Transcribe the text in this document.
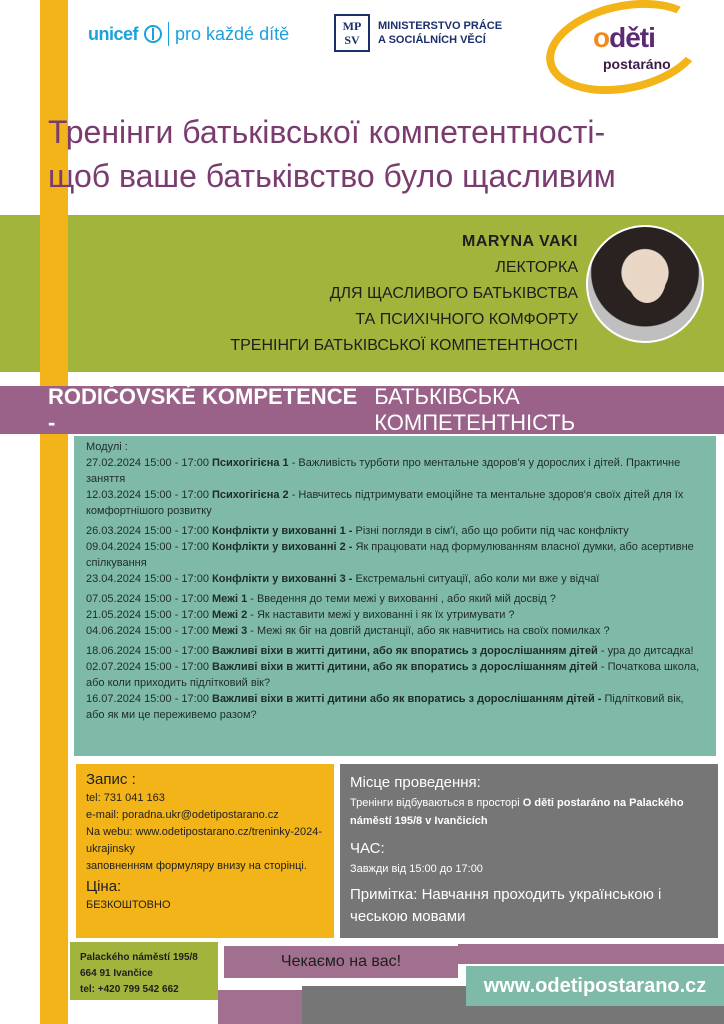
unicef pro každé dítě	MP
SV
MINISTERSTVO PRÁCE
A SOCIÁLNÍCH VĚCÍ	oděti
postaráno
Тренінги батьківської компетентності-
щоб ваше батьківство було щасливим
MARYNA VAKI
ЛЕКТОРКА
ДЛЯ ЩАСЛИВОГО БАТЬКІВСТВА
ТА ПСИХІЧНОГО КОМФОРТУ
ТРЕНІНГИ БАТЬКІВСЬКОЇ КОМПЕТЕНТНОСТІ
RODIČOVSKÉ KOMPETENCE -
БАТЬКІВСЬКА КОМПЕТЕНТНІСТЬ
Модулі :
27.02.2024 15:00 - 17:00 Психогігієна 1 - Важливість турботи про ментальне здоров'я у дорослих і дітей. Практичне заняття
12.03.2024 15:00 - 17:00 Психогігієна 2 - Навчитесь підтримувати емоційне та ментальне здоров'я своїх дітей для їх комфортнішого розвитку
26.03.2024 15:00 - 17:00 Конфлікти у вихованні 1 - Різні погляди в сім'ї, або що робити під час конфлікту
09.04.2024 15:00 - 17:00 Конфлікти у вихованні 2 - Як працювати над формулюванням власної думки, або асертивне спілкування
23.04.2024 15:00 - 17:00 Конфлікти у вихованні 3 - Екстремальні ситуації, або коли ми вже у відчаї
07.05.2024 15:00 - 17:00 Межі 1 - Введення до теми межі у вихованні , або який мій досвід ?
21.05.2024 15:00 - 17:00 Межі 2 - Як наставити межі у вихованні і як їх утримувати ?
04.06.2024 15:00 - 17:00 Межі 3 - Межі як біг на довгій дистанції, або як навчитись на своїх помилках ?
18.06.2024 15:00 - 17:00 Важливі віхи в житті дитини, або як впоратись з дорослішанням дітей - ура до дитсадка!
02.07.2024 15:00 - 17:00 Важливі віхи в житті дитини, або як впоратись з дорослішанням дітей - Початкова школа, або коли приходить підлітковий вік?
16.07.2024 15:00 - 17:00 Важливі віхи в житті дитини або як впоратись з дорослішанням дітей - Підлітковий вік, або як ми це переживемо разом?
Запис :
tel: 731 041 163
e-mail: poradna.ukr@odetipostarano.cz
Na webu: www.odetipostarano.cz/treninky-2024-ukrajinsky
заповненням формуляру внизу на сторінці.
Ціна:
БЕЗКОШТОВНО
Місце проведення:
Тренінги відбуваються в просторі O děti postaráno na Palackého náměstí 195/8 v Ivančicích
ЧАС:
Завжди від 15:00 до 17:00
Примітка: Навчання проходить українською і чеською мовами
Palackého náměstí 195/8
664 91 Ivančice
tel: +420 799 542 662
Чекаємо на вас!
www.odetipostarano.cz
